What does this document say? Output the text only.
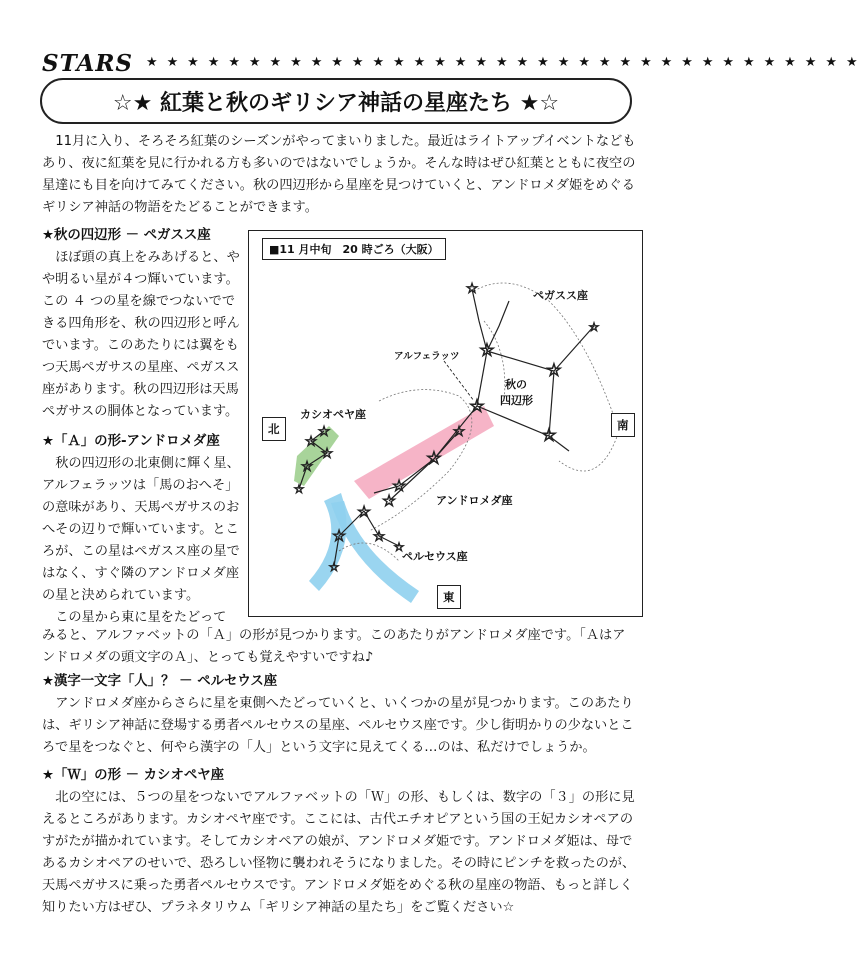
STARS ★ ★ ★ ★ ★ ★ ★ ★ ★ ★ ★ ★ ★ ★ ★ ★ ★ ★ ★ ★ ★ ★ ★ ★ ★ ★ ★ ★ ★ ★ ★ ★ ★ ★ ★
☆★ 紅葉と秋のギリシア神話の星座たち ★☆
11月に入り、そろそろ紅葉のシーズンがやってまいりました。最近はライトアップイベントなどもあり、夜に紅葉を見に行かれる方も多いのではないでしょうか。そんな時はぜひ紅葉とともに夜空の星達にも目を向けてみてください。秋の四辺形から星座を見つけていくと、アンドロメダ姫をめぐるギリシア神話の物語をたどることができます。

★秋の四辺形 － ペガスス座

ほぼ頭の真上をみあげると、やや明るい星が４つ輝いています。この ４ つの星を線でつないでできる四角形を、秋の四辺形と呼んでいます。このあたりには翼をもつ天馬ペガサスの星座、ペガスス座があります。秋の四辺形は天馬ペガサスの胴体となっています。

★「Ａ」の形-アンドロメダ座

秋の四辺形の北東側に輝く星、アルフェラッツは「馬のおへそ」の意味があり、天馬ペガサスのおへその辺りで輝いています。ところが、この星はペガスス座の星ではなく、すぐ隣のアンドロメダ座の星と決められています。

この星から東に星をたどって

☆
☆
☆
☆
☆
☆
☆
☆
☆
☆
☆
☆ ☆
☆
☆
☆
☆
☆
☆
☆
■11 月中旬　20 時ごろ（大阪）
ペガスス座
アルフェラッツ
秋の
四辺形
カシオペヤ座
アンドロメダ座
ペルセウス座
北	南
東
みると、アルファベットの「Ａ」の形が見つかります。このあたりがアンドロメダ座です。「Ａはアンドロメダの頭文字のＡ」、とっても覚えやすいですね♪
★漢字一文字「人」？ － ペルセウス座
アンドロメダ座からさらに星を東側へたどっていくと、いくつかの星が見つかります。このあたりは、ギリシア神話に登場する勇者ペルセウスの星座、ペルセウス座です。少し街明かりの少ないところで星をつなぐと、何やら漢字の「人」という文字に見えてくる…のは、私だけでしょうか。
★「Ｗ」の形 － カシオペヤ座
北の空には、５つの星をつないでアルファベットの「Ｗ」の形、もしくは、数字の「３」の形に見えるところがあります。カシオペヤ座です。ここには、古代エチオピアという国の王妃カシオペアのすがたが描かれています。そしてカシオペアの娘が、アンドロメダ姫です。アンドロメダ姫は、母であるカシオペアのせいで、恐ろしい怪物に襲われそうになりました。その時にピンチを救ったのが、天馬ペガサスに乗った勇者ペルセウスです。アンドロメダ姫をめぐる秋の星座の物語、もっと詳しく知りたい方はぜひ、プラネタリウム「ギリシア神話の星たち」をご覧ください☆
